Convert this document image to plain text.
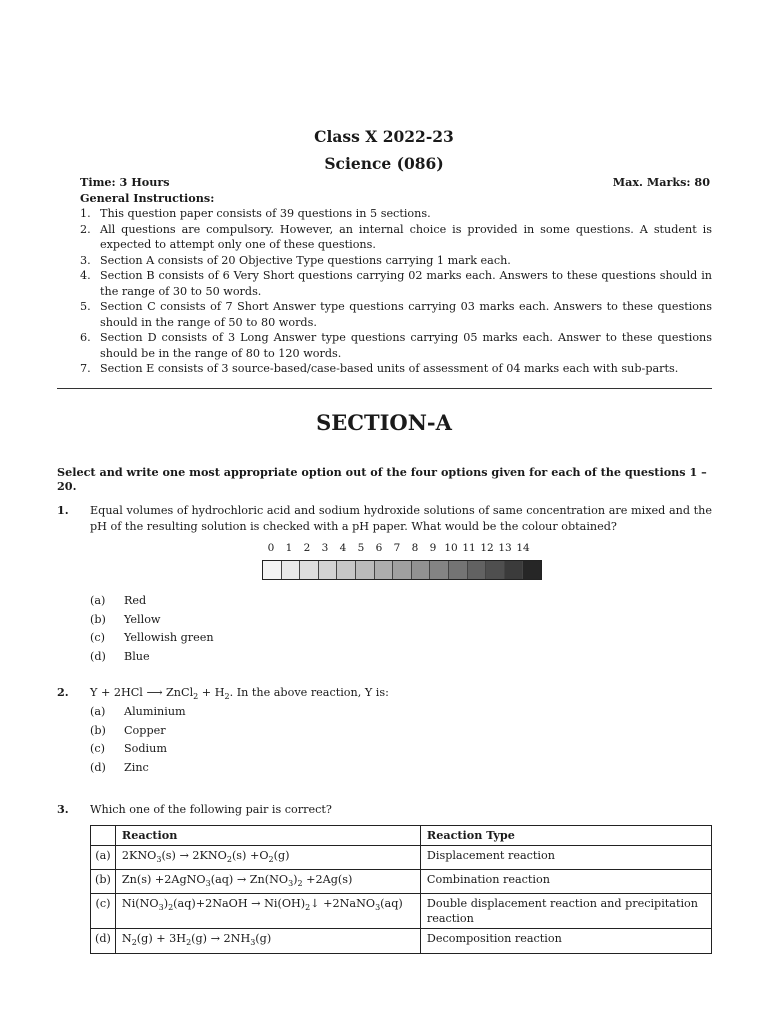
Class X 2022-23
Science (086)
Time: 3 Hours	Max. Marks: 80
General Instructions:
1. This question paper consists of 39 questions in 5 sections.
2. All questions are compulsory. However, an internal choice is provided in some questions. A student is expected to attempt only one of these questions.
3. Section A consists of 20 Objective Type questions carrying 1 mark each.
4. Section B consists of 6 Very Short questions carrying 02 marks each. Answers to these questions should in the range of 30 to 50 words.
5. Section C consists of 7 Short Answer type questions carrying 03 marks each. Answers to these questions should in the range of 50 to 80 words.
6. Section D consists of 3 Long Answer type questions carrying 05 marks each. Answer to these questions should be in the range of 80 to 120 words.
7. Section E consists of 3 source-based/case-based units of assessment of 04 marks each with sub-parts.
SECTION-A
Select and write one most appropriate option out of the four options given for each of the questions 1 – 20.
1. Equal volumes of hydrochloric acid and sodium hydroxide solutions of same concentration are mixed and the pH of the resulting solution is checked with a pH paper. What would be the colour obtained?
0	1	2	3	4	5	6	7	8	9 10 11 12 13 14
(a) Red
(b) Yellow
(c) Yellowish green
(d) Blue
2. Y + 2HCl ⟶ ZnCl$_2$ + $H_2$. In the above reaction, Y is:
(a) Aluminium
(b) Copper
(c) Sodium
(d) Zinc
3. Which one of the following pair is correct?
	Reaction	Reaction Type
(a)	$2KNO_3(s) \to 2KNO_2(s) +O_2(g)$	Displacement reaction
(b)	Zn(s) +2AgNO$_3$(aq) → $Zn(NO_3)_2 +2Ag(s)$	Combination reaction
(c)	$Ni(NO_3)_2(aq)+2NaOH$ → $Ni(OH)_2↓$ +2NaNO$_3$(aq)	Double displacement reaction and precipitation reaction
(d)	$N_2(g) + 3H_2(g) \to 2NH_3(g)$	Decomposition reaction
